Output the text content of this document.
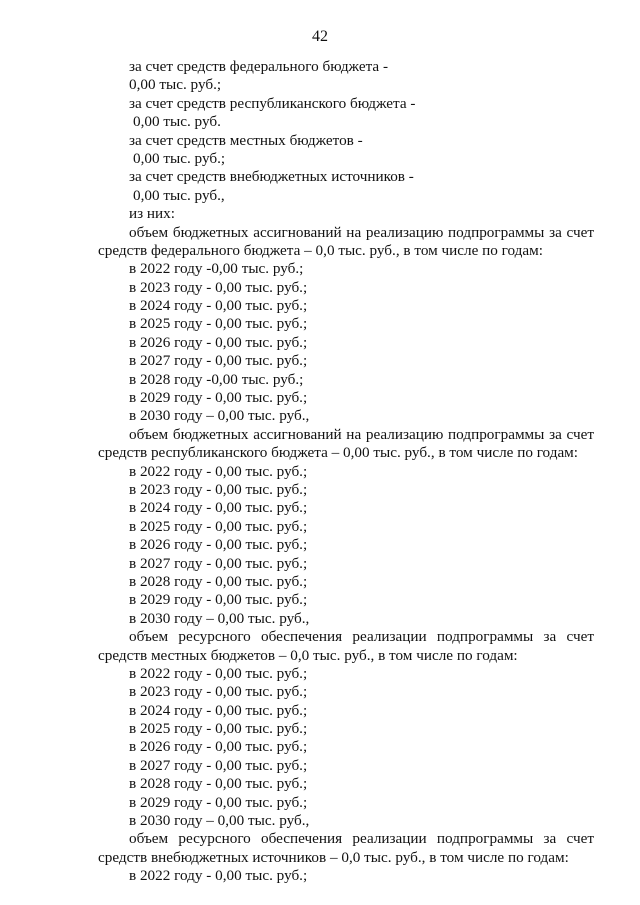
42
за счет средств федерального бюджета -
0,00 тыс. руб.;
за счет средств республиканского бюджета -
0,00 тыс. руб.
за счет средств местных бюджетов -
0,00 тыс. руб.;
за счет средств внебюджетных источников -
0,00 тыс. руб.,
из них:
объем бюджетных ассигнований на реализацию подпрограммы за счет
средств федерального бюджета – 0,0 тыс. руб., в том числе по годам:
в 2022 году -0,00 тыс. руб.;
в 2023 году - 0,00 тыс. руб.;
в 2024 году - 0,00 тыс. руб.;
в 2025 году - 0,00 тыс. руб.;
в 2026 году - 0,00 тыс. руб.;
в 2027 году - 0,00 тыс. руб.;
в 2028 году -0,00 тыс. руб.;
в 2029 году - 0,00 тыс. руб.;
в 2030 году – 0,00 тыс. руб.,
объем бюджетных ассигнований на реализацию подпрограммы за счет
средств республиканского бюджета – 0,00 тыс. руб., в том числе по годам:
в 2022 году - 0,00 тыс. руб.;
в 2023 году - 0,00 тыс. руб.;
в 2024 году - 0,00 тыс. руб.;
в 2025 году - 0,00 тыс. руб.;
в 2026 году - 0,00 тыс. руб.;
в 2027 году - 0,00 тыс. руб.;
в 2028 году - 0,00 тыс. руб.;
в 2029 году - 0,00 тыс. руб.;
в 2030 году – 0,00 тыс. руб.,
объем ресурсного обеспечения реализации подпрограммы за счет
средств местных бюджетов – 0,0 тыс. руб., в том числе по годам:
в 2022 году - 0,00 тыс. руб.;
в 2023 году - 0,00 тыс. руб.;
в 2024 году - 0,00 тыс. руб.;
в 2025 году - 0,00 тыс. руб.;
в 2026 году - 0,00 тыс. руб.;
в 2027 году - 0,00 тыс. руб.;
в 2028 году - 0,00 тыс. руб.;
в 2029 году - 0,00 тыс. руб.;
в 2030 году – 0,00 тыс. руб.,
объем ресурсного обеспечения реализации подпрограммы за счет
средств внебюджетных источников – 0,0 тыс. руб., в том числе по годам:
в 2022 году - 0,00 тыс. руб.;
